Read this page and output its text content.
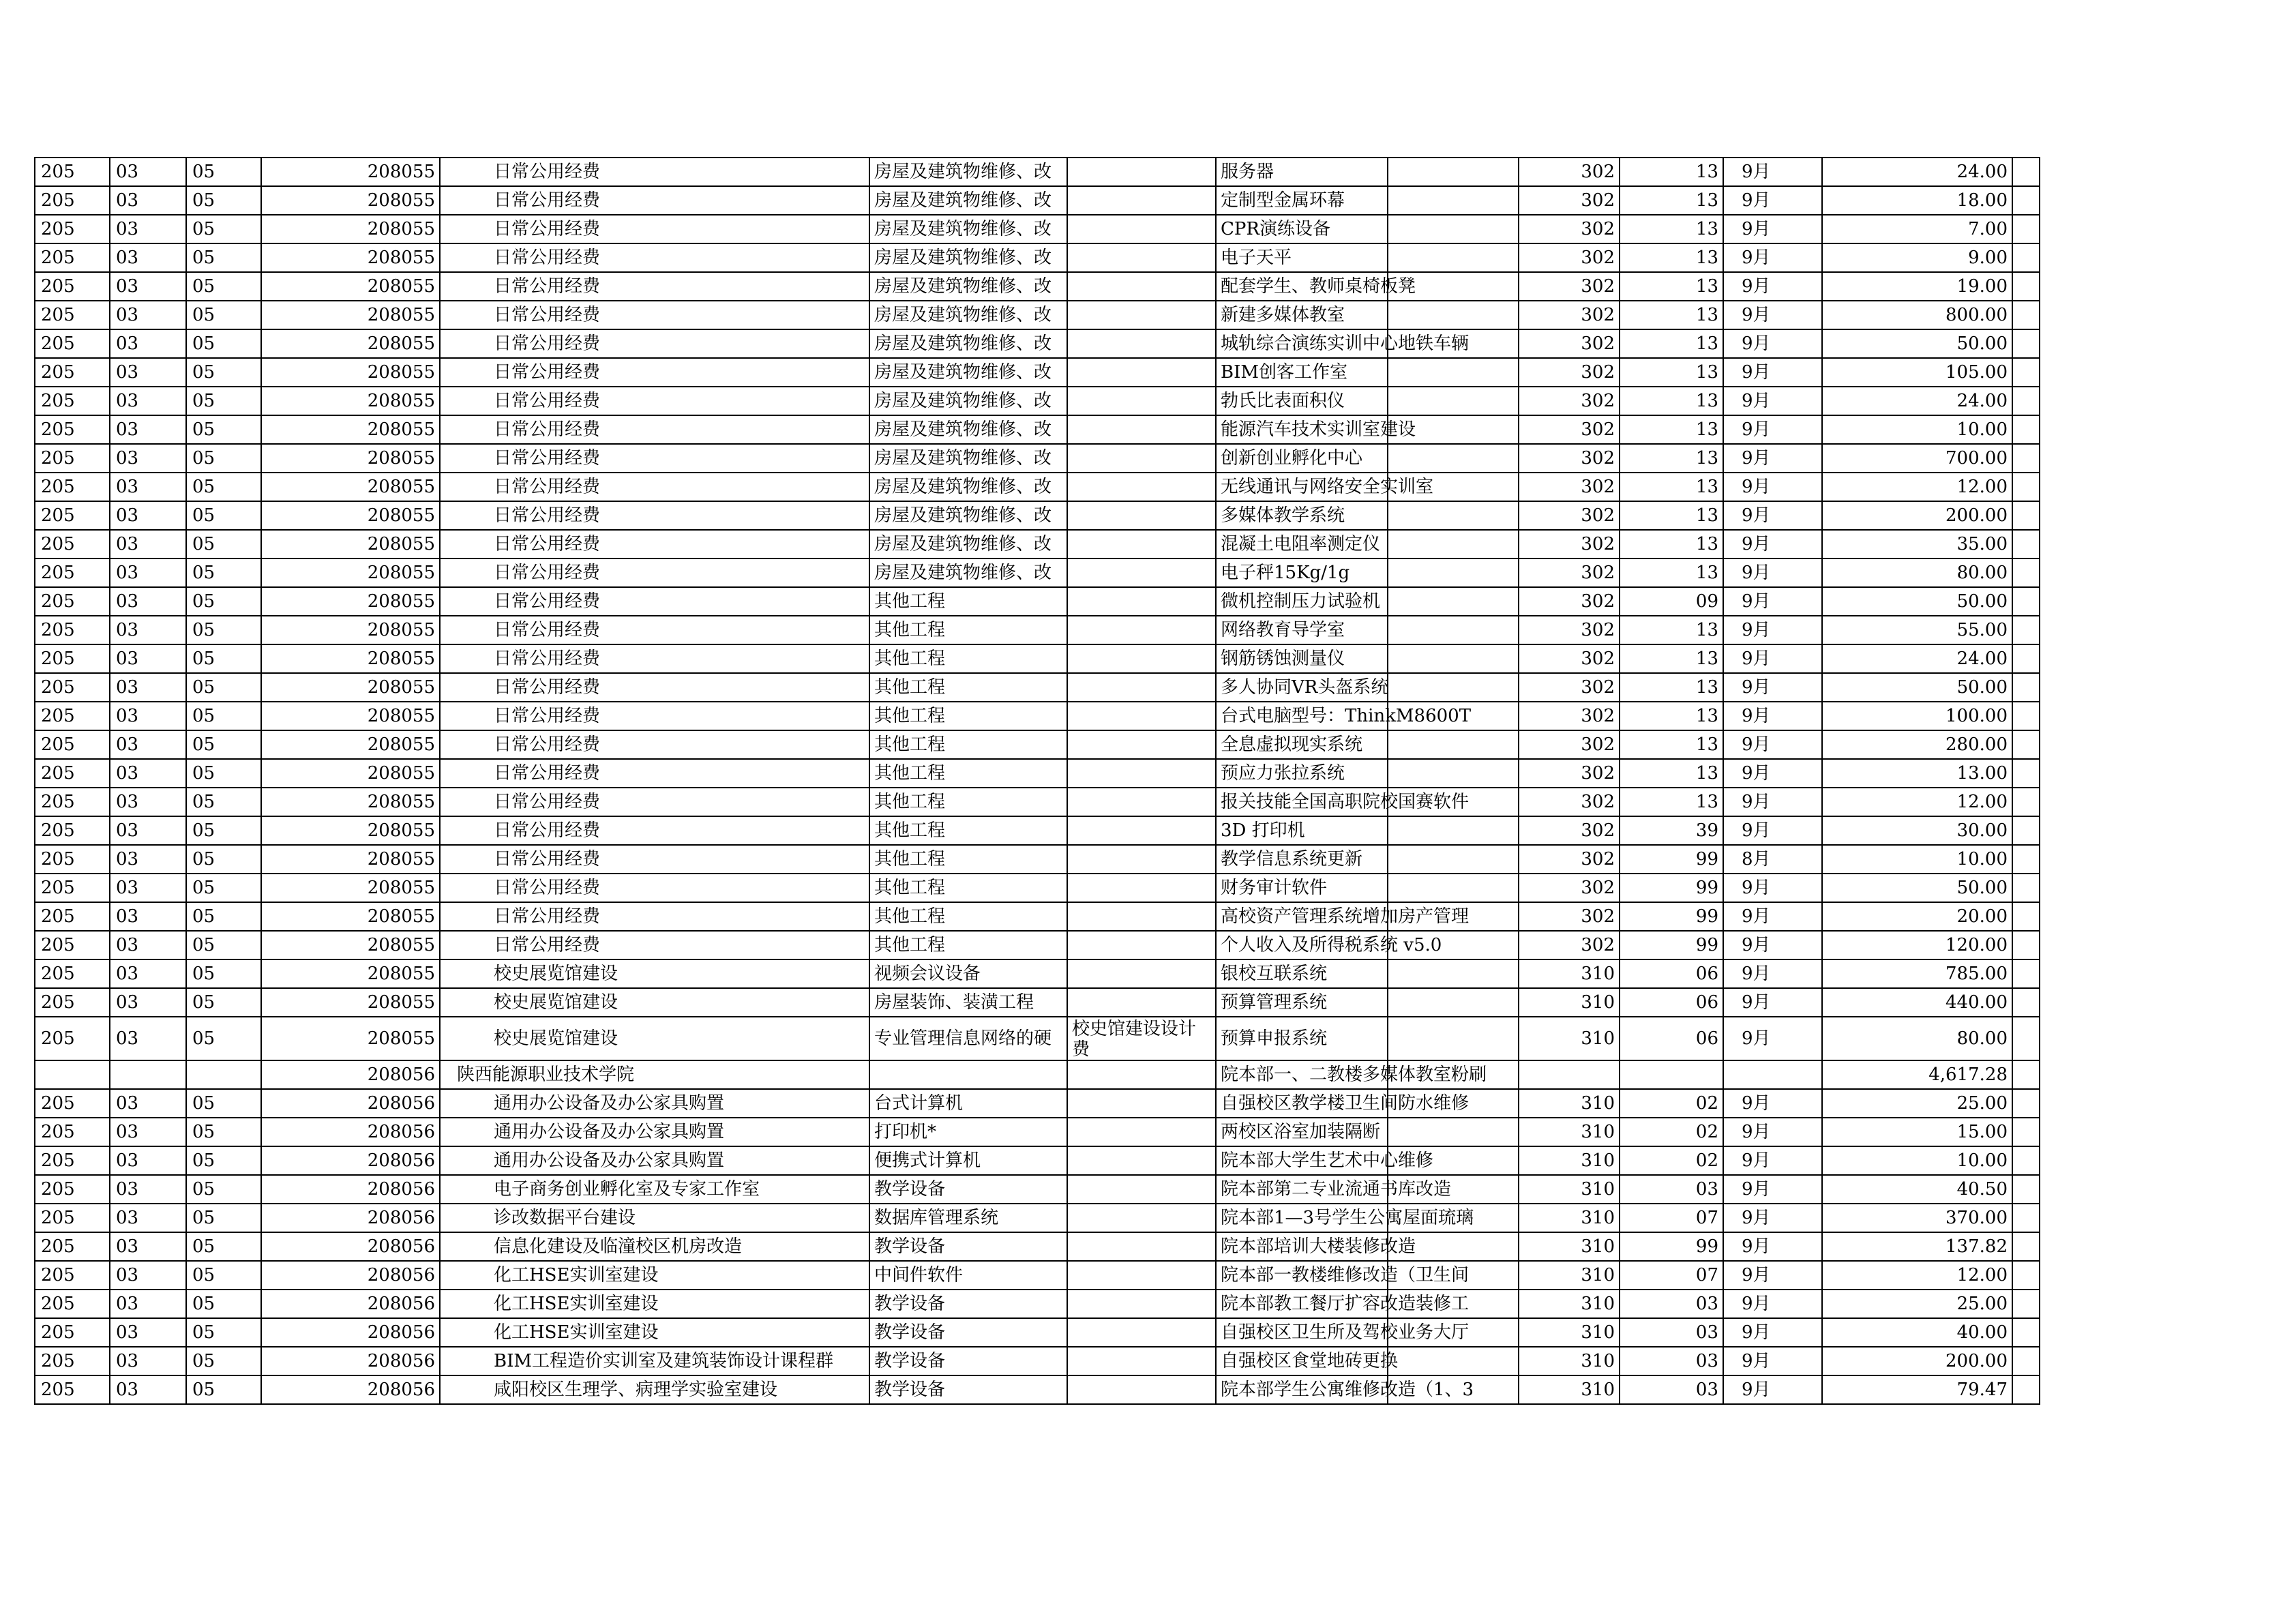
205	03	05	208055	日常公用经费	房屋及建筑物维修、改		服务器		302	13	9月	24.00	
205	03	05	208055	日常公用经费	房屋及建筑物维修、改		定制型金属环幕		302	13	9月	18.00	
205	03	05	208055	日常公用经费	房屋及建筑物维修、改		CPR演练设备		302	13	9月	7.00	
205	03	05	208055	日常公用经费	房屋及建筑物维修、改		电子天平		302	13	9月	9.00	
205	03	05	208055	日常公用经费	房屋及建筑物维修、改		配套学生、教师桌椅板凳		302	13	9月	19.00	
205	03	05	208055	日常公用经费	房屋及建筑物维修、改		新建多媒体教室		302	13	9月	800.00	
205	03	05	208055	日常公用经费	房屋及建筑物维修、改		城轨综合演练实训中心地铁车辆		302	13	9月	50.00	
205	03	05	208055	日常公用经费	房屋及建筑物维修、改		BIM创客工作室		302	13	9月	105.00	
205	03	05	208055	日常公用经费	房屋及建筑物维修、改		勃氏比表面积仪		302	13	9月	24.00	
205	03	05	208055	日常公用经费	房屋及建筑物维修、改		能源汽车技术实训室建设		302	13	9月	10.00	
205	03	05	208055	日常公用经费	房屋及建筑物维修、改		创新创业孵化中心		302	13	9月	700.00	
205	03	05	208055	日常公用经费	房屋及建筑物维修、改		无线通讯与网络安全实训室		302	13	9月	12.00	
205	03	05	208055	日常公用经费	房屋及建筑物维修、改		多媒体教学系统		302	13	9月	200.00	
205	03	05	208055	日常公用经费	房屋及建筑物维修、改		混凝土电阻率测定仪		302	13	9月	35.00	
205	03	05	208055	日常公用经费	房屋及建筑物维修、改		电子秤15Kg/1g		302	13	9月	80.00	
205	03	05	208055	日常公用经费	其他工程		微机控制压力试验机		302	09	9月	50.00	
205	03	05	208055	日常公用经费	其他工程		网络教育导学室		302	13	9月	55.00	
205	03	05	208055	日常公用经费	其他工程		钢筋锈蚀测量仪		302	13	9月	24.00	
205	03	05	208055	日常公用经费	其他工程		多人协同VR头盔系统		302	13	9月	50.00	
205	03	05	208055	日常公用经费	其他工程		台式电脑型号：ThinkM8600T		302	13	9月	100.00	
205	03	05	208055	日常公用经费	其他工程		全息虚拟现实系统		302	13	9月	280.00	
205	03	05	208055	日常公用经费	其他工程		预应力张拉系统		302	13	9月	13.00	
205	03	05	208055	日常公用经费	其他工程		报关技能全国高职院校国赛软件		302	13	9月	12.00	
205	03	05	208055	日常公用经费	其他工程		3D 打印机		302	39	9月	30.00	
205	03	05	208055	日常公用经费	其他工程		教学信息系统更新		302	99	8月	10.00	
205	03	05	208055	日常公用经费	其他工程		财务审计软件		302	99	9月	50.00	
205	03	05	208055	日常公用经费	其他工程		高校资产管理系统增加房产管理		302	99	9月	20.00	
205	03	05	208055	日常公用经费	其他工程		个人收入及所得税系统 v5.0		302	99	9月	120.00	
205	03	05	208055	校史展览馆建设	视频会议设备		银校互联系统		310	06	9月	785.00	
205	03	05	208055	校史展览馆建设	房屋装饰、装潢工程		预算管理系统		310	06	9月	440.00	
205	03	05	208055	校史展览馆建设	专业管理信息网络的硬	校史馆建设设计费	预算申报系统		310	06	9月	80.00	
			208056	陕西能源职业技术学院			院本部一、二教楼多媒体教室粉刷					4,617.28	
205	03	05	208056	通用办公设备及办公家具购置	台式计算机		自强校区教学楼卫生间防水维修		310	02	9月	25.00	
205	03	05	208056	通用办公设备及办公家具购置	打印机*		两校区浴室加装隔断		310	02	9月	15.00	
205	03	05	208056	通用办公设备及办公家具购置	便携式计算机		院本部大学生艺术中心维修		310	02	9月	10.00	
205	03	05	208056	电子商务创业孵化室及专家工作室	教学设备		院本部第二专业流通书库改造		310	03	9月	40.50	
205	03	05	208056	诊改数据平台建设	数据库管理系统		院本部1—3号学生公寓屋面琉璃		310	07	9月	370.00	
205	03	05	208056	信息化建设及临潼校区机房改造	教学设备		院本部培训大楼装修改造		310	99	9月	137.82	
205	03	05	208056	化工HSE实训室建设	中间件软件		院本部一教楼维修改造（卫生间		310	07	9月	12.00	
205	03	05	208056	化工HSE实训室建设	教学设备		院本部教工餐厅扩容改造装修工		310	03	9月	25.00	
205	03	05	208056	化工HSE实训室建设	教学设备		自强校区卫生所及驾校业务大厅		310	03	9月	40.00	
205	03	05	208056	BIM工程造价实训室及建筑装饰设计课程群	教学设备		自强校区食堂地砖更换		310	03	9月	200.00	
205	03	05	208056	咸阳校区生理学、病理学实验室建设	教学设备		院本部学生公寓维修改造（1、3		310	03	9月	79.47	
